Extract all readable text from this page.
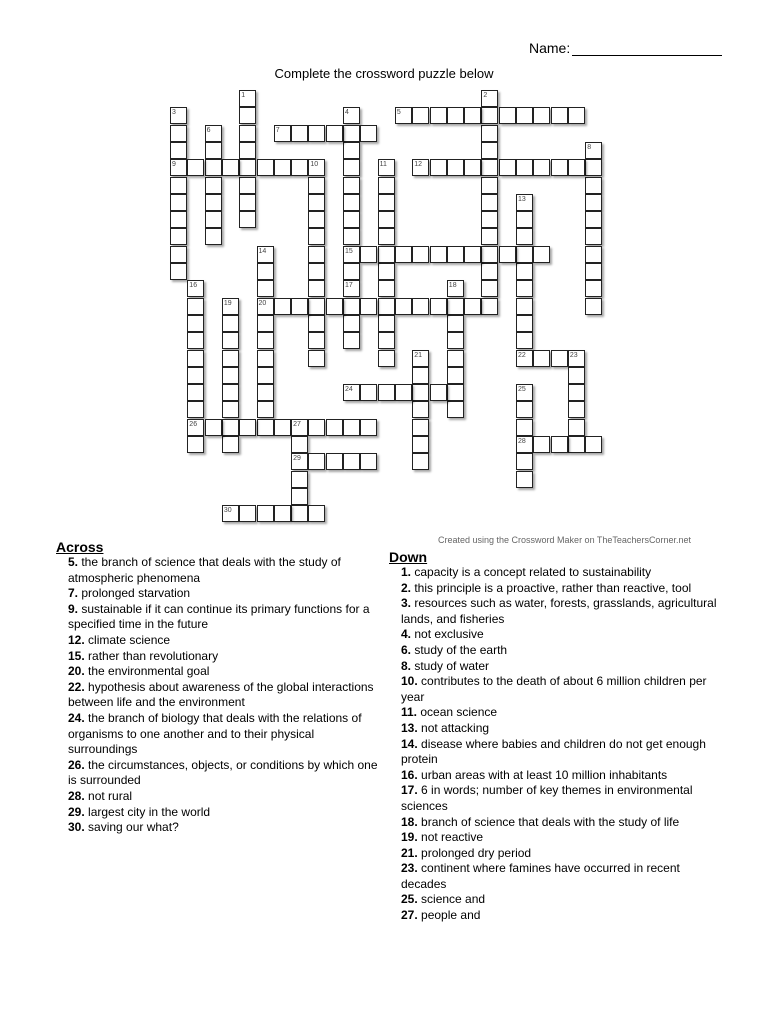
Name:
Complete the crossword puzzle below
1	2
3
9
4
15
17
5
6	7
8
10	11	12
13
22
14
20
16
26
18
19
21	23
24	25
28
27
29
30
Created using the Crossword Maker on TheTeachersCorner.net
Across
5. the branch of science that deals with the study of atmospheric phenomena
7. prolonged starvation
9. sustainable if it can continue its primary functions for a specified time in the future
12. climate science
15. rather than revolutionary
20. the environmental goal
22. hypothesis about awareness of the global interactions between life and the environment
24. the branch of biology that deals with the relations of organisms to one another and to their physical surroundings
26. the circumstances, objects, or conditions by which one is surrounded
28. not rural
29. largest city in the world
30. saving our what?
Down
1. capacity is a concept related to sustainability
2. this principle is a proactive, rather than reactive, tool
3. resources such as water, forests, grasslands, agricultural lands, and fisheries
4. not exclusive
6. study of the earth
8. study of water
10. contributes to the death of about 6 million children per year
11. ocean science
13. not attacking
14. disease where babies and children do not get enough protein
16. urban areas with at least 10 million inhabitants
17. 6 in words; number of key themes in environmental sciences
18. branch of science that deals with the study of life
19. not reactive
21. prolonged dry period
23. continent where famines have occurred in recent decades
25. science and
27. people and
